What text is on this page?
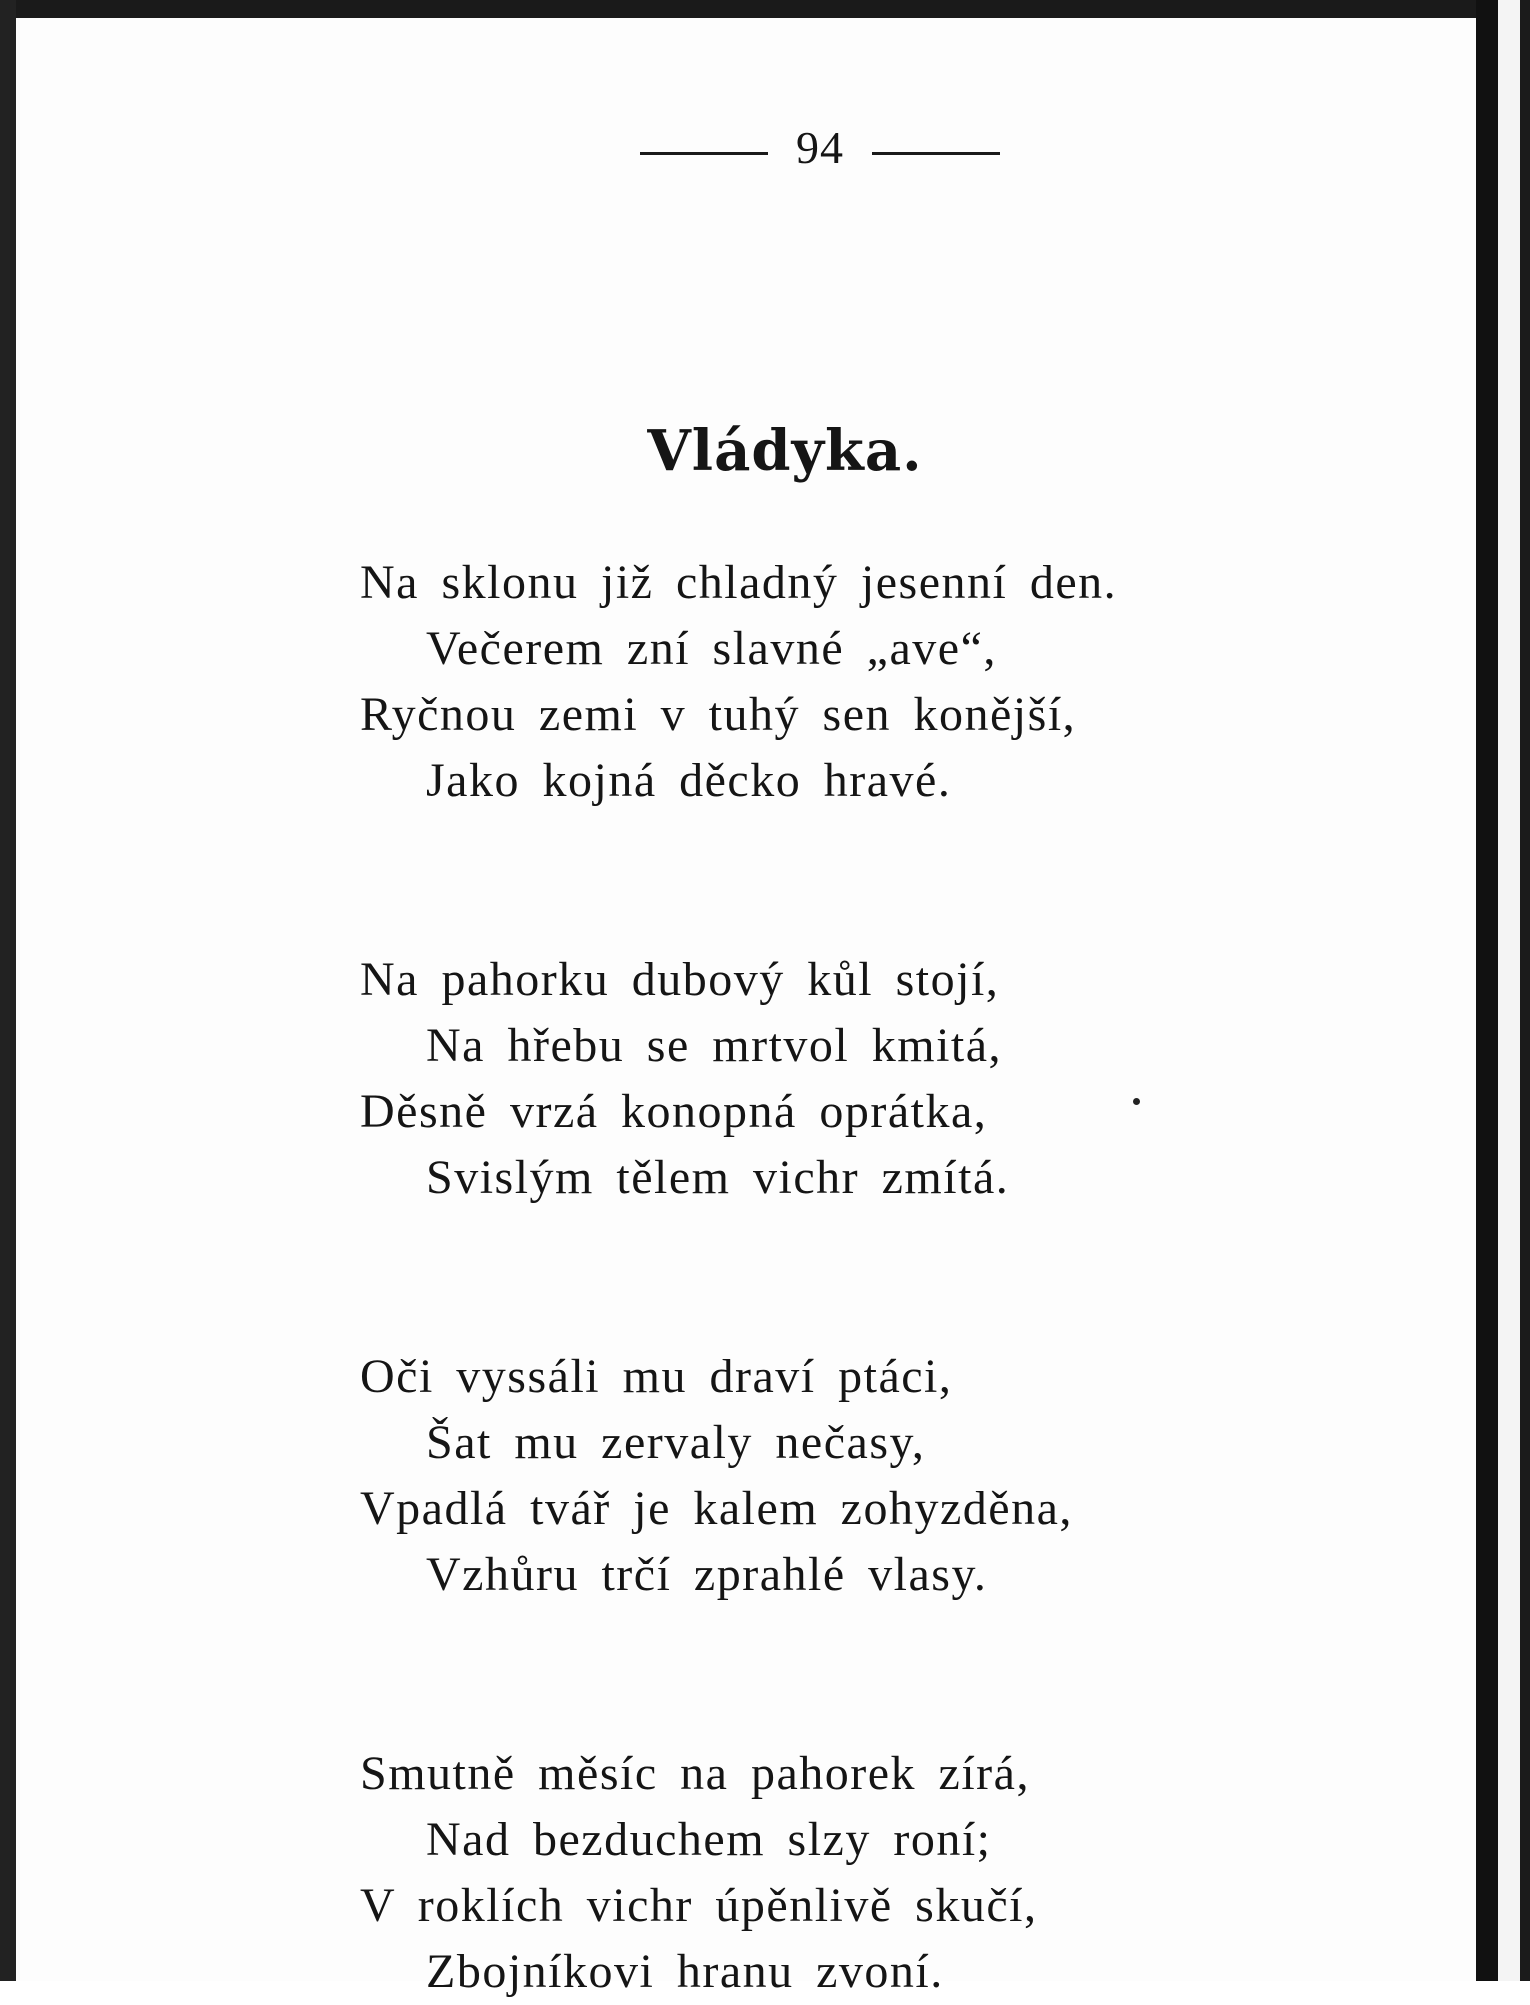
94
Vládyka.
Na sklonu již chladný jesenní den.
Večerem zní slavné „ave“,
Ryčnou zemi v tuhý sen konější,
Jako kojná děcko hravé.
Na pahorku dubový kůl stojí,
Na hřebu se mrtvol kmitá,
Děsně vrzá konopná oprátka,
Svislým tělem vichr zmítá.
Oči vyssáli mu draví ptáci,
Šat mu zervaly nečasy,
Vpadlá tvář je kalem zohyzděna,
Vzhůru trčí zprahlé vlasy.
Smutně měsíc na pahorek zírá,
Nad bezduchem slzy roní;
V roklích vichr úpěnlivě skučí,
Zbojníkovi hranu zvoní.
